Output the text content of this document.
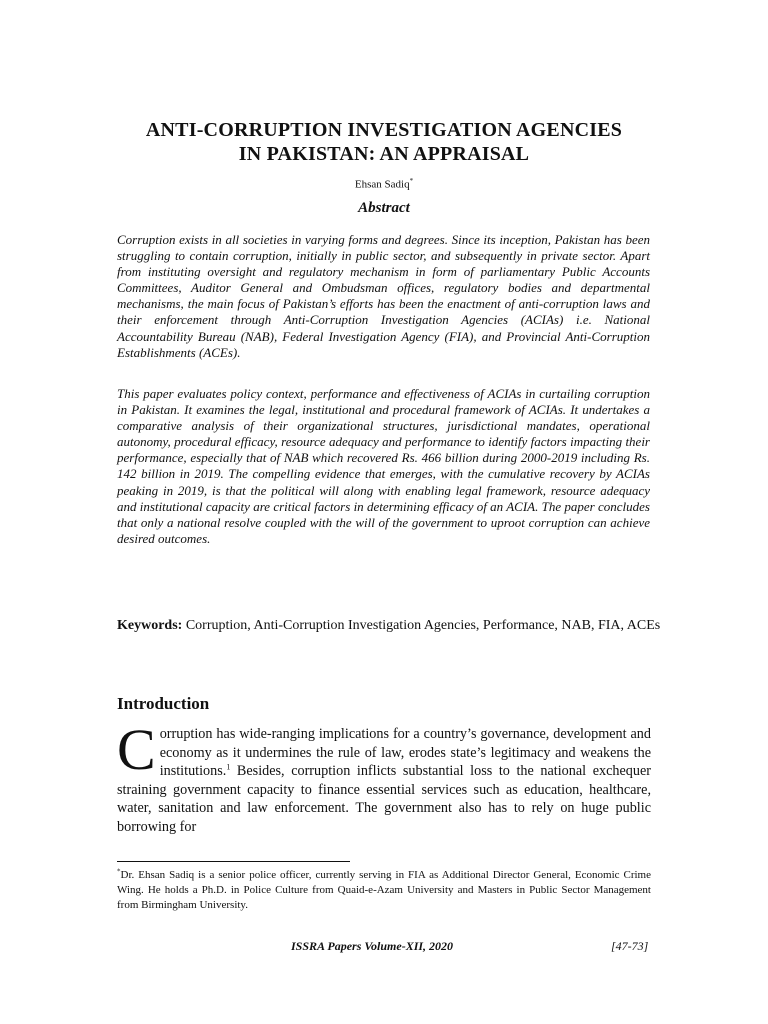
ANTI-CORRUPTION INVESTIGATION AGENCIES
IN PAKISTAN: AN APPRAISAL
Ehsan Sadiq*
Abstract
Corruption exists in all societies in varying forms and degrees. Since its inception, Pakistan has been struggling to contain corruption, initially in public sector, and subsequently in private sector. Apart from instituting oversight and regulatory mechanism in form of parliamentary Public Accounts Committees, Auditor General and Ombudsman offices, regulatory bodies and departmental mechanisms, the main focus of Pakistan’s efforts has been the enactment of anti-corruption laws and their enforcement through Anti-Corruption Investigation Agencies (ACIAs) i.e. National Accountability Bureau (NAB), Federal Investigation Agency (FIA), and Provincial Anti-Corruption Establishments (ACEs).
This paper evaluates policy context, performance and effectiveness of ACIAs in curtailing corruption in Pakistan. It examines the legal, institutional and procedural framework of ACIAs. It undertakes a comparative analysis of their organizational structures, jurisdictional mandates, operational autonomy, procedural efficacy, resource adequacy and performance to identify factors impacting their performance, especially that of NAB which recovered Rs. 466 billion during 2000-2019 including Rs. 142 billion in 2019. The compelling evidence that emerges, with the cumulative recovery by ACIAs peaking in 2019, is that the political will along with enabling legal framework, resource adequacy and institutional capacity are critical factors in determining efficacy of an ACIA. The paper concludes that only a national resolve coupled with the will of the government to uproot corruption can achieve desired outcomes.
Keywords: Corruption, Anti-Corruption Investigation Agencies, Performance, NAB, FIA, ACEs
Introduction
Corruption has wide-ranging implications for a country’s governance, development and economy as it undermines the rule of law, erodes state’s legitimacy and weakens the institutions.$^1$ Besides, corruption inflicts substantial loss to the national exchequer straining government capacity to finance essential services such as education, healthcare, water, sanitation and law enforcement. The government also has to rely on huge public borrowing for
*Dr. Ehsan Sadiq is a senior police officer, currently serving in FIA as Additional Director General, Economic Crime Wing. He holds a Ph.D. in Police Culture from Quaid-e-Azam University and Masters in Public Sector Management from Birmingham University.
ISSRA Papers Volume-XII, 2020	[47-73]
